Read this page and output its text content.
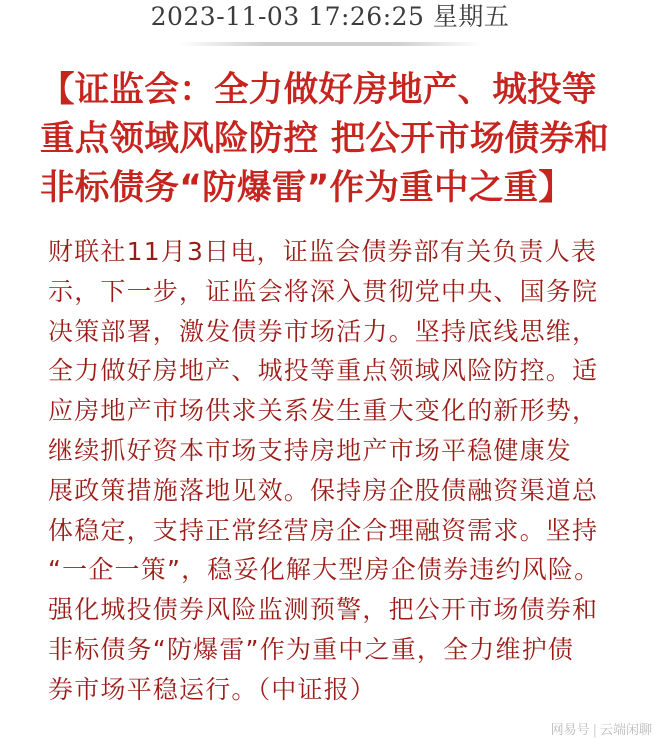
2023-11-03 17:26:25 星期五
【证监会：全力做好房地产、城投等
重点领域风险防控 把公开市场债券和
非标债务“防爆雷”作为重中之重】
财联社11月3日电，证监会债券部有关负责人表
示，下一步，证监会将深入贯彻党中央、国务院
决策部署，激发债券市场活力。坚持底线思维，
全力做好房地产、城投等重点领域风险防控。适
应房地产市场供求关系发生重大变化的新形势，
继续抓好资本市场支持房地产市场平稳健康发
展政策措施落地见效。保持房企股债融资渠道总
体稳定，支持正常经营房企合理融资需求。坚持
“一企一策”，稳妥化解大型房企债券违约风险。
强化城投债券风险监测预警，把公开市场债券和
非标债务“防爆雷”作为重中之重，全力维护债
券市场平稳运行。（中证报）
网易号 | 云端闲聊
